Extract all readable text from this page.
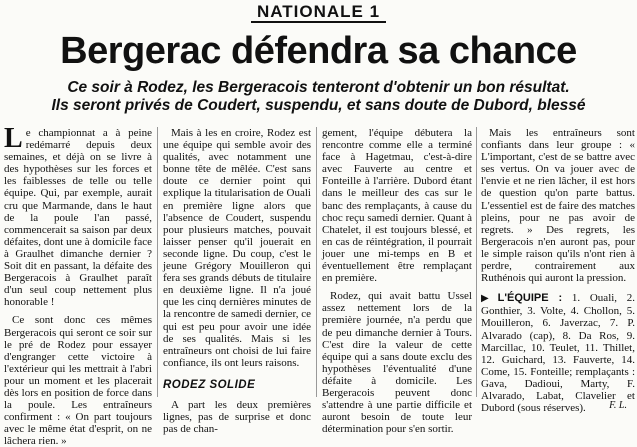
NATIONALE 1
Bergerac défendra sa chance
Ce soir à Rodez, les Bergeracois tenteront d'obtenir un bon résultat.
Ils seront privés de Coudert, suspendu, et sans doute de Dubord, blessé

Le championnat a à peine redémarré depuis deux semaines, et déjà on se livre à des hypothèses sur les forces et les faiblesses de telle ou telle équipe. Qui, par exemple, aurait cru que Marmande, dans le haut de la poule l'an passé, commencerait sa saison par deux défaites, dont une à domicile face à Graulhet dimanche dernier ? Soit dit en passant, la défaite des Bergeracois à Graulhet paraît d'un seul coup nettement plus honorable !

Ce sont donc ces mêmes Bergeracois qui seront ce soir sur le pré de Rodez pour essayer d'engranger cette victoire à l'extérieur qui les mettrait à l'abri pour un moment et les placerait dès lors en position de force dans la poule. Les entraîneurs confirment : « On part toujours avec le même état d'esprit, on ne lâchera rien. »

Mais à les en croire, Rodez est une équipe qui semble avoir des qualités, avec notamment une bonne tête de mêlée. C'est sans doute ce dernier point qui explique la titularisation de Ouali en première ligne alors que l'absence de Coudert, suspendu pour plusieurs matches, pouvait laisser penser qu'il jouerait en seconde ligne. Du coup, c'est le jeune Grégory Mouilleron qui fera ses grands débuts de titulaire en deuxième ligne. Il n'a joué que les cinq dernières minutes de la rencontre de samedi dernier, ce qui est peu pour avoir une idée de ses qualités. Mais si les entraîneurs ont choisi de lui faire confiance, ils ont leurs raisons.

RODEZ SOLIDE

A part les deux premières lignes, pas de surprise et donc pas de chan-

gement, l'équipe débutera la rencontre comme elle a terminé face à Hagetmau, c'est-à-dire avec Fauverte au centre et Fonteille à l'arrière. Dubord étant dans le meilleur des cas sur le banc des remplaçants, à cause du choc reçu samedi dernier. Quant à Chatelet, il est toujours blessé, et en cas de réintégration, il pourrait jouer une mi-temps en B et éventuellement être remplaçant en première.

Rodez, qui avait battu Ussel assez nettement lors de la première journée, n'a perdu que de peu dimanche dernier à Tours. C'est dire la valeur de cette équipe qui a sans doute exclu des hypothèses l'éventualité d'une défaite à domicile. Les Bergeracois peuvent donc s'attendre à une partie difficile et auront besoin de toute leur détermination pour s'en sortir.

Mais les entraîneurs sont confiants dans leur groupe : « L'important, c'est de se battre avec ses vertus. On va jouer avec de l'envie et ne rien lâcher, il est hors de question qu'on parte battus. L'essentiel est de faire des matches pleins, pour ne pas avoir de regrets. » Des regrets, les Bergeracois n'en auront pas, pour le simple raison qu'ils n'ont rien à perdre, contrairement aux Ruthénois qui auront la pression.

▶ L'ÉQUIPE : 1. Ouali, 2. Gonthier, 3. Volte, 4. Chollon, 5. Mouilleron, 6. Javerzac, 7. P. Alvarado (cap), 8. Da Ros, 9. Marcillac, 10. Teulet, 11. Thillet, 12. Guichard, 13. Fauverte, 14. Come, 15. Fonteille; remplaçants : Gava, Dadioui, Marty, F. Alvarado, Labat, Clavelier et Dubord (sous réserves).	F. L.
